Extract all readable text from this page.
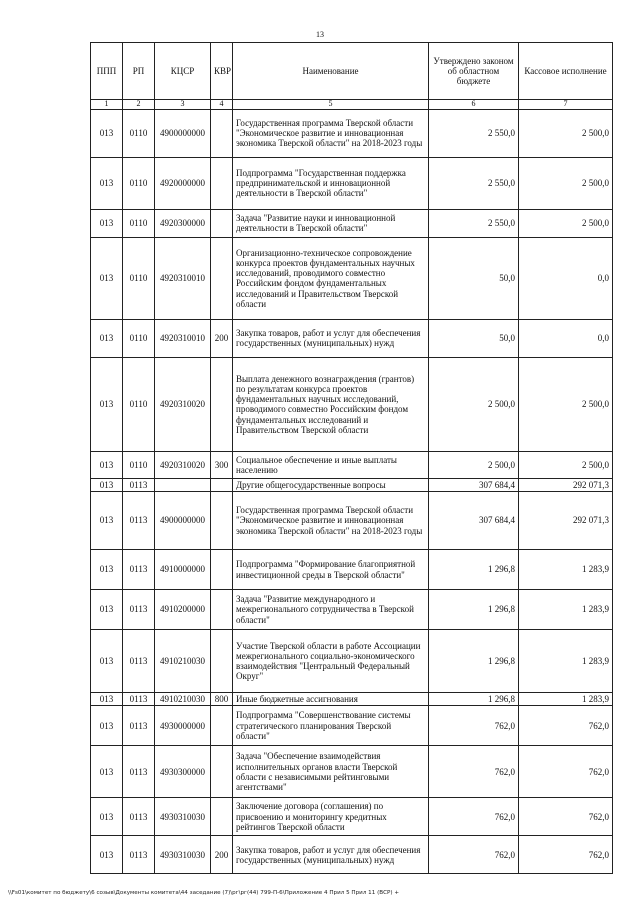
13
ППП	РП	КЦСР	КВР	Наименование	Утверждено законом об областном бюджете	Кассовое исполнение
1	2	3	4	5	6	7
013	0110	4900000000		Государственная программа Тверской области "Экономическое развитие и инновационная экономика Тверской области" на 2018-2023 годы	2 550,0	2 500,0
013	0110	4920000000		Подпрограмма "Государственная поддержка предпринимательской и инновационной деятельности в Тверской области"	2 550,0	2 500,0
013	0110	4920300000		Задача "Развитие науки и инновационной деятельности в Тверской области"	2 550,0	2 500,0
013	0110	4920310010		Организационно-техническое сопровождение конкурса проектов фундаментальных научных исследований, проводимого совместно Российским фондом фундаментальных исследований и Правительством Тверской области	50,0	0,0
013	0110	4920310010	200	Закупка товаров, работ и услуг для обеспечения государственных (муниципальных) нужд	50,0	0,0
013	0110	4920310020		Выплата денежного вознаграждения (грантов) по результатам конкурса проектов фундаментальных научных исследований, проводимого совместно Российским фондом фундаментальных исследований и Правительством Тверской области	2 500,0	2 500,0
013	0110	4920310020	300	Социальное обеспечение и иные выплаты населению	2 500,0	2 500,0
013	0113			Другие общегосударственные вопросы	307 684,4	292 071,3
013	0113	4900000000		Государственная программа Тверской области "Экономическое развитие и инновационная экономика Тверской области" на 2018-2023 годы	307 684,4	292 071,3
013	0113	4910000000		Подпрограмма "Формирование благоприятной инвестиционной среды в Тверской области"	1 296,8	1 283,9
013	0113	4910200000		Задача "Развитие международного и межрегионального сотрудничества в Тверской области"	1 296,8	1 283,9
013	0113	4910210030		Участие Тверской области в работе Ассоциации межрегионального социально-экономического взаимодействия "Центральный Федеральный Округ"	1 296,8	1 283,9
013	0113	4910210030	800	Иные бюджетные ассигнования	1 296,8	1 283,9
013	0113	4930000000		Подпрограмма "Совершенствование системы стратегического планирования Тверской области"	762,0	762,0
013	0113	4930300000		Задача "Обеспечение взаимодействия исполнительных органов власти Тверской области с независимыми рейтинговыми агентствами"	762,0	762,0
013	0113	4930310030		Заключение договора (соглашения) по присвоению и мониторингу кредитных рейтингов Тверской области	762,0	762,0
013	0113	4930310030	200	Закупка товаров, работ и услуг для обеспечения государственных (муниципальных) нужд	762,0	762,0
\\Fs01\комитет по бюджету\6 созыв\Документы комитета\44 заседание (7)\рг\рг(44) 799-П-6\Приложение 4 Прил 5 Прил 11 (ВСР) +
